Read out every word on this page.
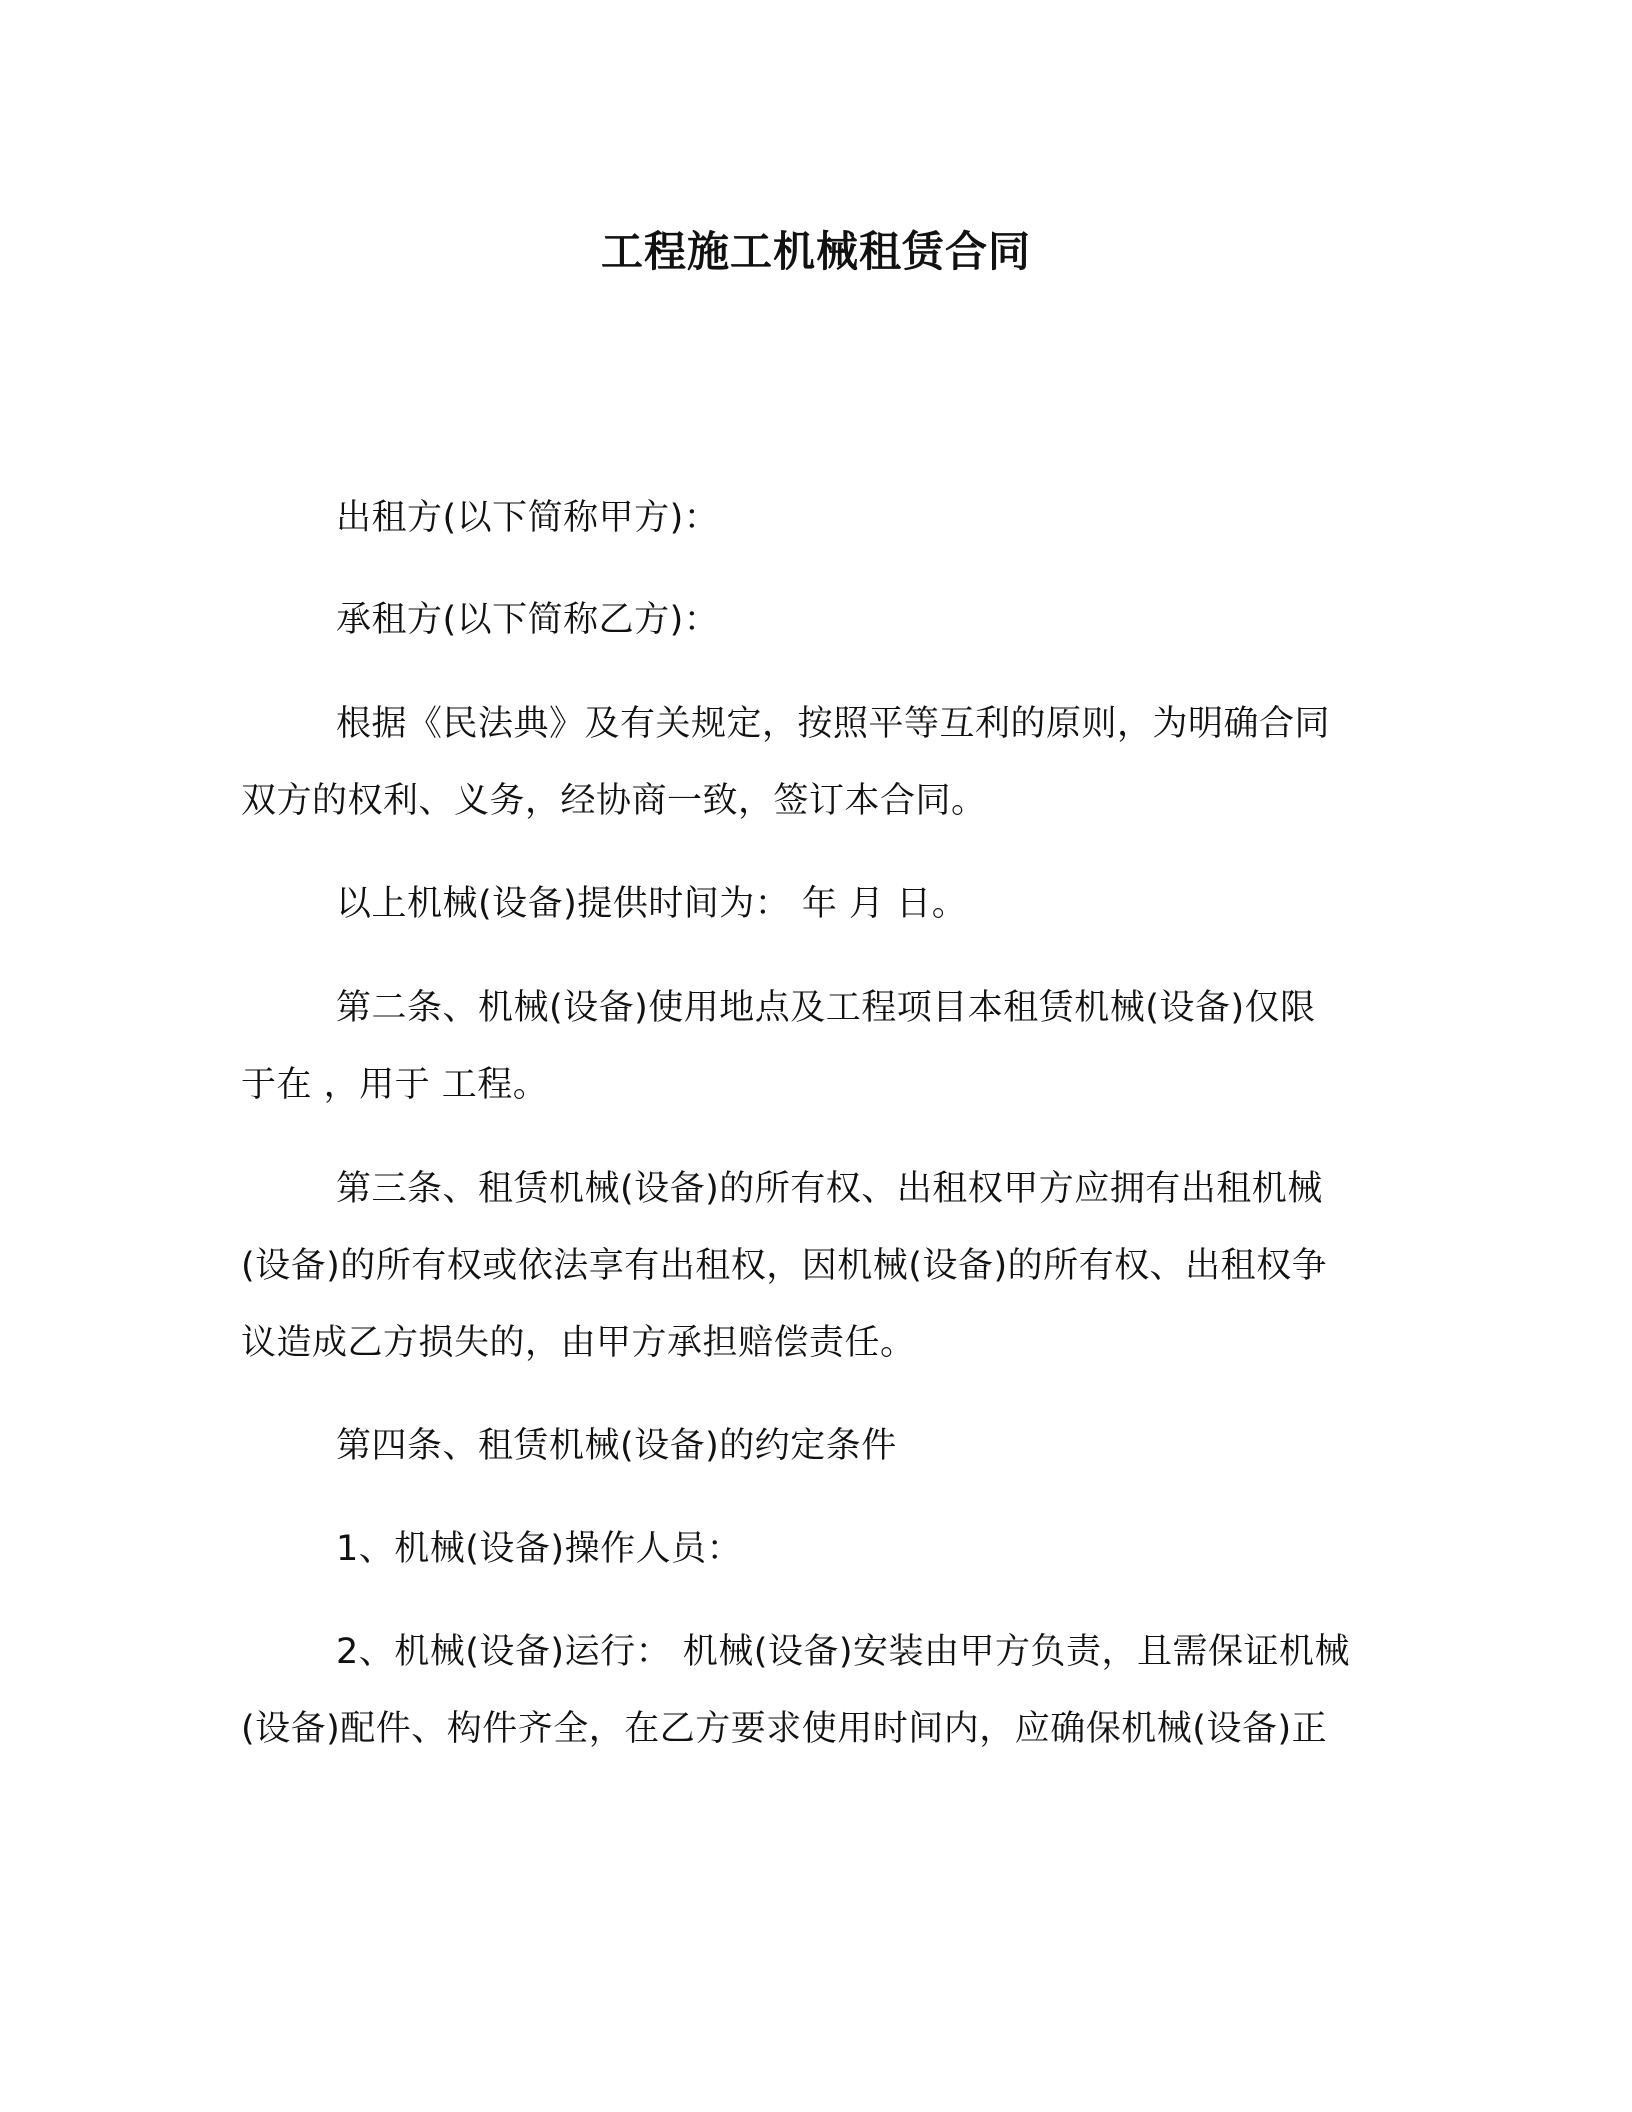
工程施工机械租赁合同
出租方(以下简称甲方)：
承租方(以下简称乙方)：
根据《民法典》及有关规定，按照平等互利的原则，为明确合同
双方的权利、义务，经协商一致，签订本合同。
以上机械(设备)提供时间为： 年 月 日。
第二条、机械(设备)使用地点及工程项目本租赁机械(设备)仅限
于在 ，用于 工程。
第三条、租赁机械(设备)的所有权、出租权甲方应拥有出租机械
(设备)的所有权或依法享有出租权，因机械(设备)的所有权、出租权争
议造成乙方损失的，由甲方承担赔偿责任。
第四条、租赁机械(设备)的约定条件
1、机械(设备)操作人员：
2、机械(设备)运行： 机械(设备)安装由甲方负责，且需保证机械
(设备)配件、构件齐全，在乙方要求使用时间内，应确保机械(设备)正
